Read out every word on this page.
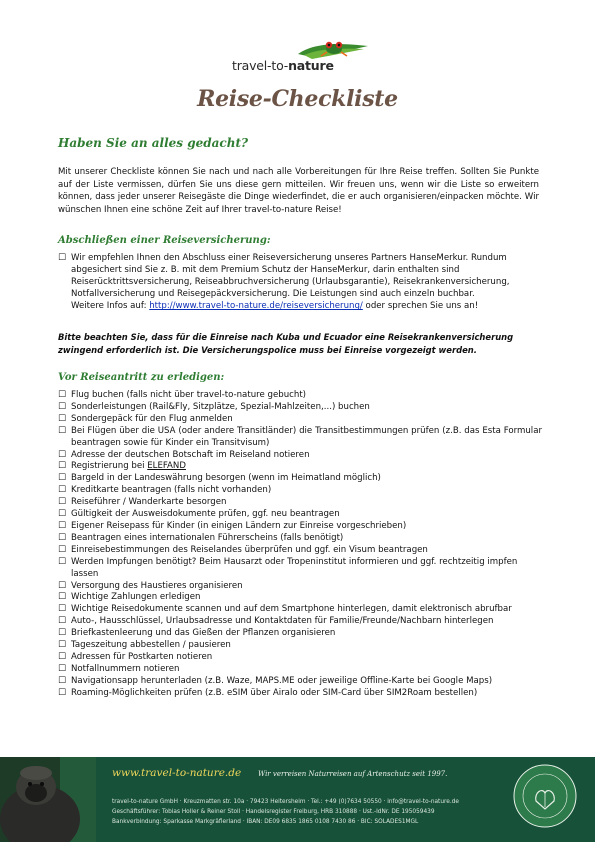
travel-to-nature
Reise-Checkliste
Haben Sie an alles gedacht?
Mit unserer Checkliste können Sie nach und nach alle Vorbereitungen für Ihre Reise treffen. Sollten Sie Punkte auf der Liste vermissen, dürfen Sie uns diese gern mitteilen. Wir freuen uns, wenn wir die Liste so erweitern können, dass jeder unserer Reisegäste die Dinge wiederfindet, die er auch organisieren/einpacken möchte. Wir wünschen Ihnen eine schöne Zeit auf Ihrer travel-to-nature Reise!
Abschließen einer Reiseversicherung:
☐ Wir empfehlen Ihnen den Abschluss einer Reiseversicherung unseres Partners HanseMerkur. Rundum abgesichert sind Sie z. B. mit dem Premium Schutz der HanseMerkur, darin enthalten sind Reiserücktrittsversicherung, Reiseabbruchversicherung (Urlaubsgarantie), Reisekrankenversicherung, Notfallversicherung und Reisegepäckversicherung. Die Leistungen sind auch einzeln buchbar.
Weitere Infos auf: http://www.travel-to-nature.de/reiseversicherung/ oder sprechen Sie uns an!
Bitte beachten Sie, dass für die Einreise nach Kuba und Ecuador eine Reisekrankenversicherung zwingend erforderlich ist. Die Versicherungspolice muss bei Einreise vorgezeigt werden.
Vor Reiseantritt zu erledigen:
☐ Flug buchen (falls nicht über travel-to-nature gebucht)
☐ Sonderleistungen (Rail&Fly, Sitzplätze, Spezial-Mahlzeiten,...) buchen
☐ Sondergepäck für den Flug anmelden
☐ Bei Flügen über die USA (oder andere Transitländer) die Transitbestimmungen prüfen (z.B. das Esta Formular beantragen sowie für Kinder ein Transitvisum)
☐ Adresse der deutschen Botschaft im Reiseland notieren
☐ Registrierung bei ELEFAND
☐ Bargeld in der Landeswährung besorgen (wenn im Heimatland möglich)
☐ Kreditkarte beantragen (falls nicht vorhanden)
☐ Reiseführer / Wanderkarte besorgen
☐ Gültigkeit der Ausweisdokumente prüfen, ggf. neu beantragen
☐ Eigener Reisepass für Kinder (in einigen Ländern zur Einreise vorgeschrieben)
☐ Beantragen eines internationalen Führerscheins (falls benötigt)
☐ Einreisebestimmungen des Reiselandes überprüfen und ggf. ein Visum beantragen
☐ Werden Impfungen benötigt? Beim Hausarzt oder Tropeninstitut informieren und ggf. rechtzeitig impfen lassen
☐ Versorgung des Haustieres organisieren
☐ Wichtige Zahlungen erledigen
☐ Wichtige Reisedokumente scannen und auf dem Smartphone hinterlegen, damit elektronisch abrufbar
☐ Auto-, Hausschlüssel, Urlaubsadresse und Kontaktdaten für Familie/Freunde/Nachbarn hinterlegen
☐ Briefkastenleerung und das Gießen der Pflanzen organisieren
☐ Tageszeitung abbestellen / pausieren
☐ Adressen für Postkarten notieren
☐ Notfallnummern notieren
☐ Navigationsapp herunterladen (z.B. Waze, MAPS.ME oder jeweilige Offline-Karte bei Google Maps)
☐ Roaming-Möglichkeiten prüfen (z.B. eSIM über Airalo oder SIM-Card über SIM2Roam bestellen)
www.travel-to-nature.de Wir verreisen Naturreisen auf Artenschutz seit 1997.
travel-to-nature GmbH · Kreuzmatten str. 10a · 79423 Heitersheim · Tel.: +49 (0)7634 50550 · info@travel-to-nature.de
Geschäftsführer: Tobias Holler & Reiner Stoll · Handelsregister Freiburg, HRB 310888 · Ust.-IdNr. DE 195059439
Bankverbindung: Sparkasse Markgräflerland · IBAN: DE09 6835 1865 0108 7430 86 · BIC: SOLADES1MGL
